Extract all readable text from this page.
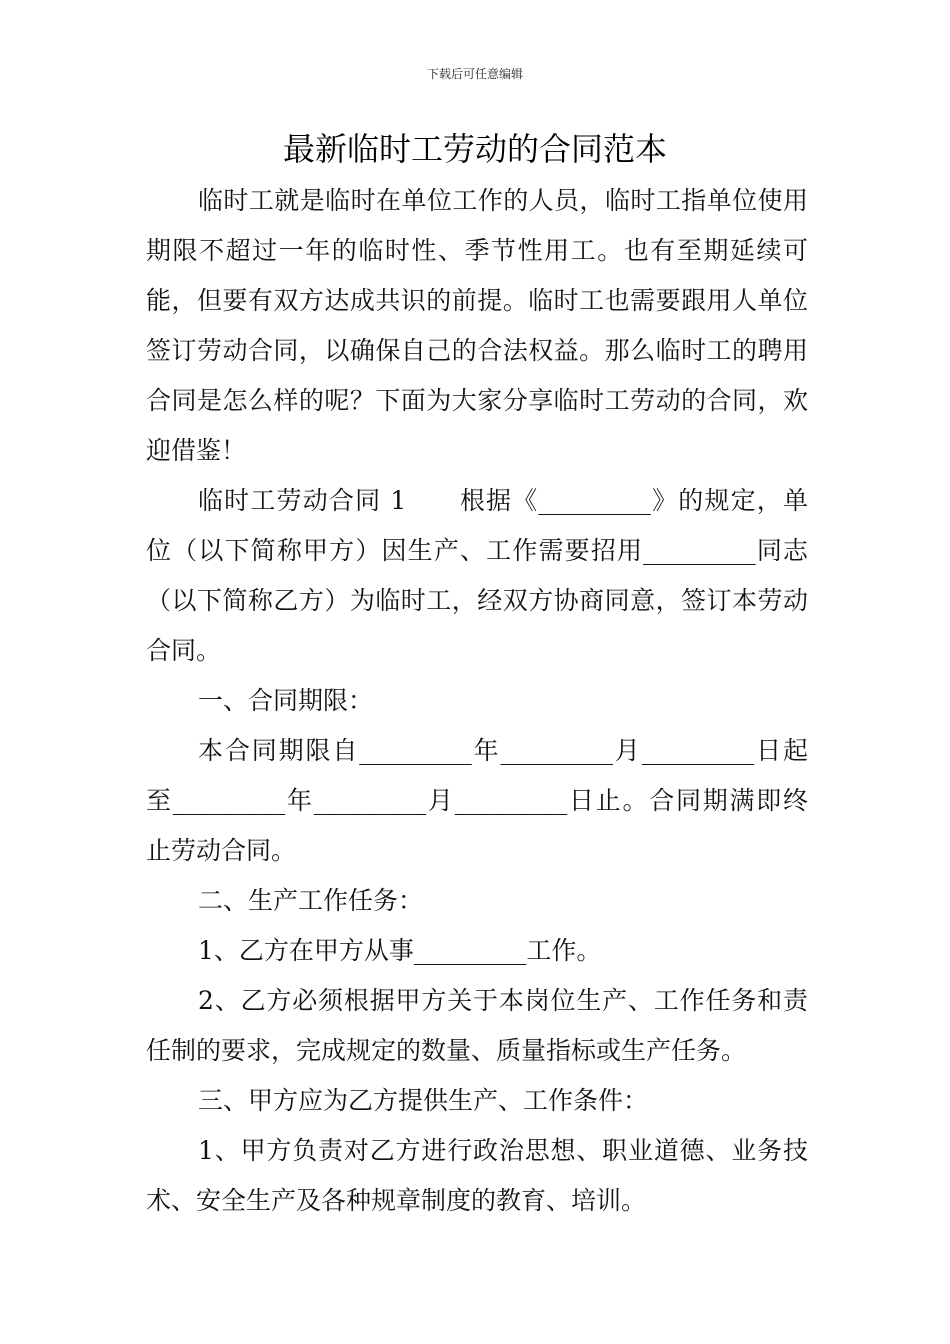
下载后可任意编辑
最新临时工劳动的合同范本

临时工就是临时在单位工作的人员，临时工指单位使用期限不超过一年的临时性、季节性用工。也有至期延续可能，但要有双方达成共识的前提。临时工也需要跟用人单位签订劳动合同，以确保自己的合法权益。那么临时工的聘用合同是怎么样的呢？下面为大家分享临时工劳动的合同，欢迎借鉴！

临时工劳动合同 1　　根据《_________》的规定，单位（以下简称甲方）因生产、工作需要招用_________同志（以下简称乙方）为临时工，经双方协商同意，签订本劳动合同。

一、合同期限：

本合同期限自_________年_________月_________日起至_________年_________月_________日止。合同期满即终止劳动合同。

二、生产工作任务：

1、乙方在甲方从事_________工作。

2、乙方必须根据甲方关于本岗位生产、工作任务和责任制的要求，完成规定的数量、质量指标或生产任务。

三、甲方应为乙方提供生产、工作条件：

1、甲方负责对乙方进行政治思想、职业道德、业务技术、安全生产及各种规章制度的教育、培训。
